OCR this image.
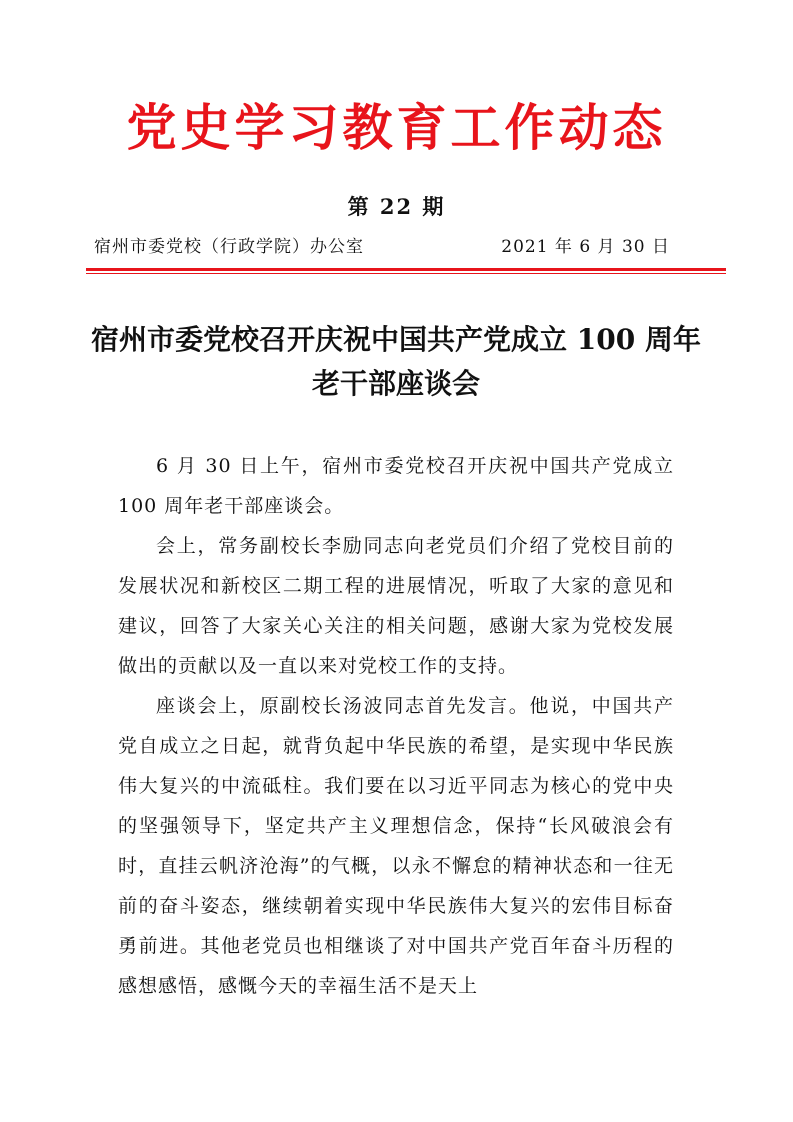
党史学习教育工作动态
第 22 期
宿州市委党校（行政学院）办公室	2021 年 6 月 30 日
宿州市委党校召开庆祝中国共产党成立 100 周年
老干部座谈会

6 月 30 日上午，宿州市委党校召开庆祝中国共产党成立 100 周年老干部座谈会。

会上，常务副校长李励同志向老党员们介绍了党校目前的发展状况和新校区二期工程的进展情况，听取了大家的意见和建议，回答了大家关心关注的相关问题，感谢大家为党校发展做出的贡献以及一直以来对党校工作的支持。

座谈会上，原副校长汤波同志首先发言。他说，中国共产党自成立之日起，就背负起中华民族的希望，是实现中华民族伟大复兴的中流砥柱。我们要在以习近平同志为核心的党中央的坚强领导下，坚定共产主义理想信念，保持“长风破浪会有时，直挂云帆济沧海”的气概，以永不懈怠的精神状态和一往无前的奋斗姿态，继续朝着实现中华民族伟大复兴的宏伟目标奋勇前进。其他老党员也相继谈了对中国共产党百年奋斗历程的感想感悟，感慨今天的幸福生活不是天上
